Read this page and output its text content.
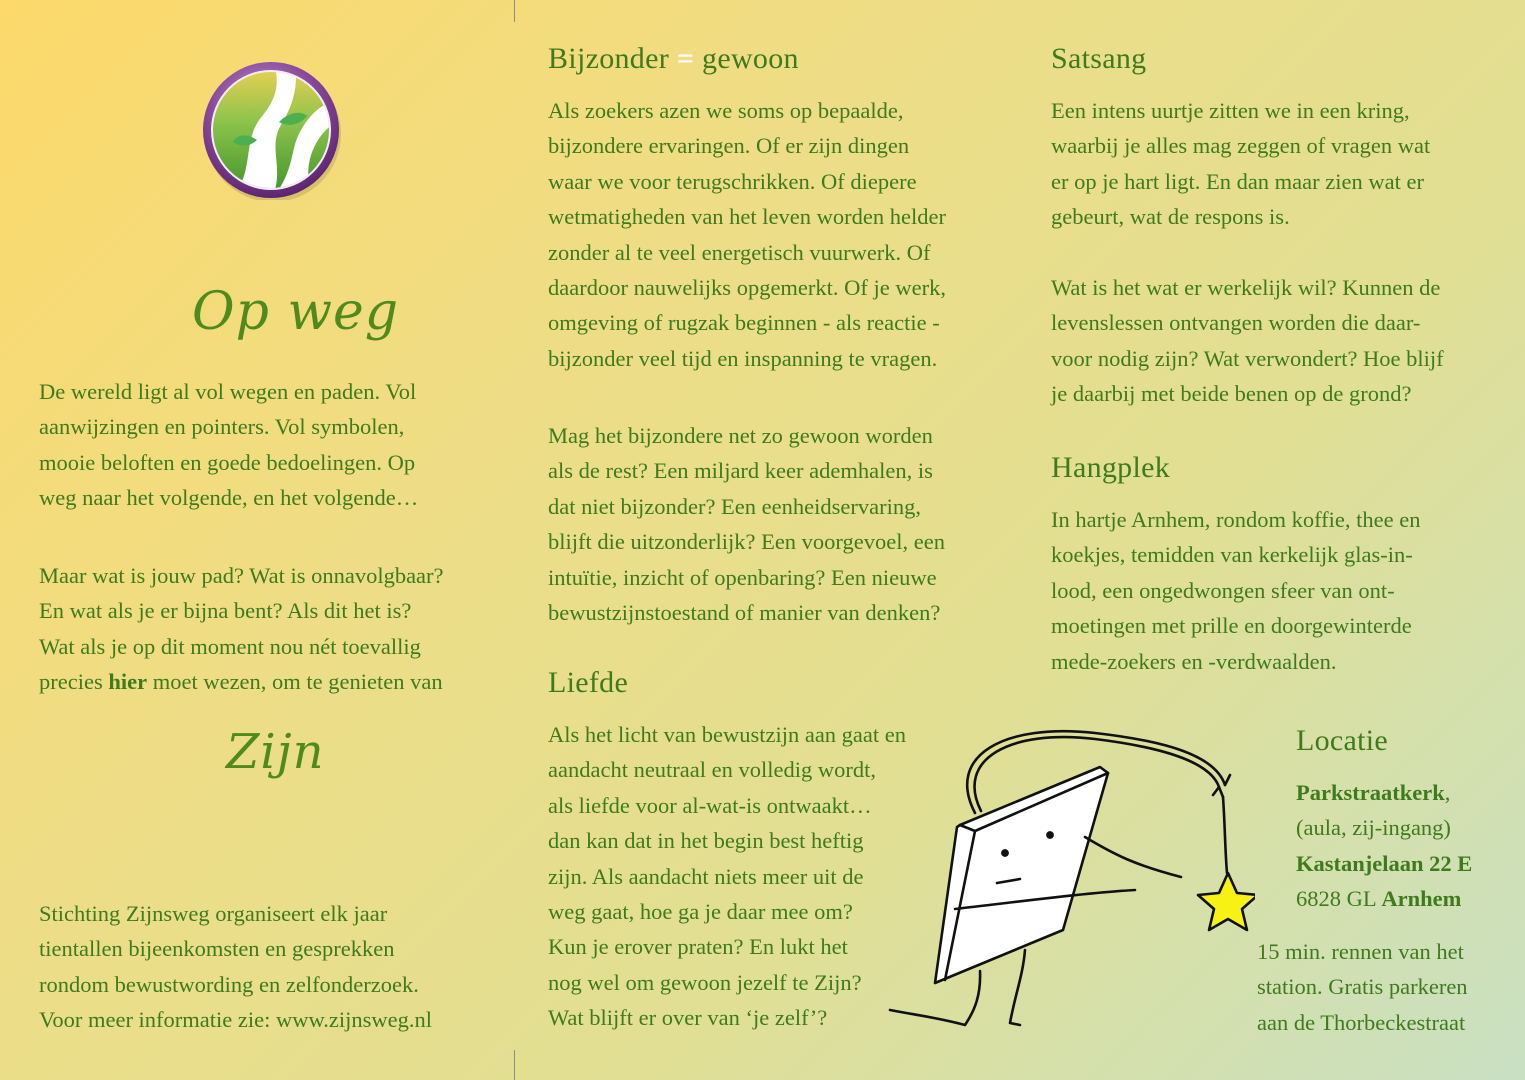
Op weg
De wereld ligt al vol wegen en paden. Vol
aanwijzingen en pointers. Vol symbolen,
mooie beloften en goede bedoelingen. Op
weg naar het volgende, en het volgende…
Maar wat is jouw pad? Wat is onnavolgbaar?
En wat als je er bijna bent? Als dit het is?
Wat als je op dit moment nou nét toevallig
precies hier moet wezen, om te genieten van
Zijn
Stichting Zijnsweg organiseert elk jaar
tientallen bijeenkomsten en gesprekken
rondom bewustwording en zelfonderzoek.
Voor meer informatie zie: www.zijnsweg.nl
Bijzonder = gewoon
Als zoekers azen we soms op bepaalde,
bijzondere ervaringen. Of er zijn dingen
waar we voor terugschrikken. Of diepere
wetmatigheden van het leven worden helder
zonder al te veel energetisch vuurwerk. Of
daardoor nauwelijks opgemerkt. Of je werk,
omgeving of rugzak beginnen - als reactie -
bijzonder veel tijd en inspanning te vragen.
Mag het bijzondere net zo gewoon worden
als de rest? Een miljard keer ademhalen, is
dat niet bijzonder? Een eenheidservaring,
blijft die uitzonderlijk? Een voorgevoel, een
intuïtie, inzicht of openbaring? Een nieuwe
bewustzijnstoestand of manier van denken?
Liefde
Als het licht van bewustzijn aan gaat en
aandacht neutraal en volledig wordt,
als liefde voor al-wat-is ontwaakt…
dan kan dat in het begin best heftig
zijn. Als aandacht niets meer uit de
weg gaat, hoe ga je daar mee om?
Kun je erover praten? En lukt het
nog wel om gewoon jezelf te Zijn?
Wat blijft er over van ‘je zelf’?
Satsang
Een intens uurtje zitten we in een kring,
waarbij je alles mag zeggen of vragen wat
er op je hart ligt. En dan maar zien wat er
gebeurt, wat de respons is.
Wat is het wat er werkelijk wil? Kunnen de
levenslessen ontvangen worden die daar-
voor nodig zijn? Wat verwondert? Hoe blijf
je daarbij met beide benen op de grond?
Hangplek
In hartje Arnhem, rondom koffie, thee en
koekjes, temidden van kerkelijk glas-in-
lood, een ongedwongen sfeer van ont-
moetingen met prille en doorgewinterde
mede-zoekers en -verdwaalden.
Locatie
Parkstraatkerk,
(aula, zij-ingang)
Kastanjelaan 22 E
6828 GL Arnhem
15 min. rennen van het
station. Gratis parkeren
aan de Thorbeckestraat
